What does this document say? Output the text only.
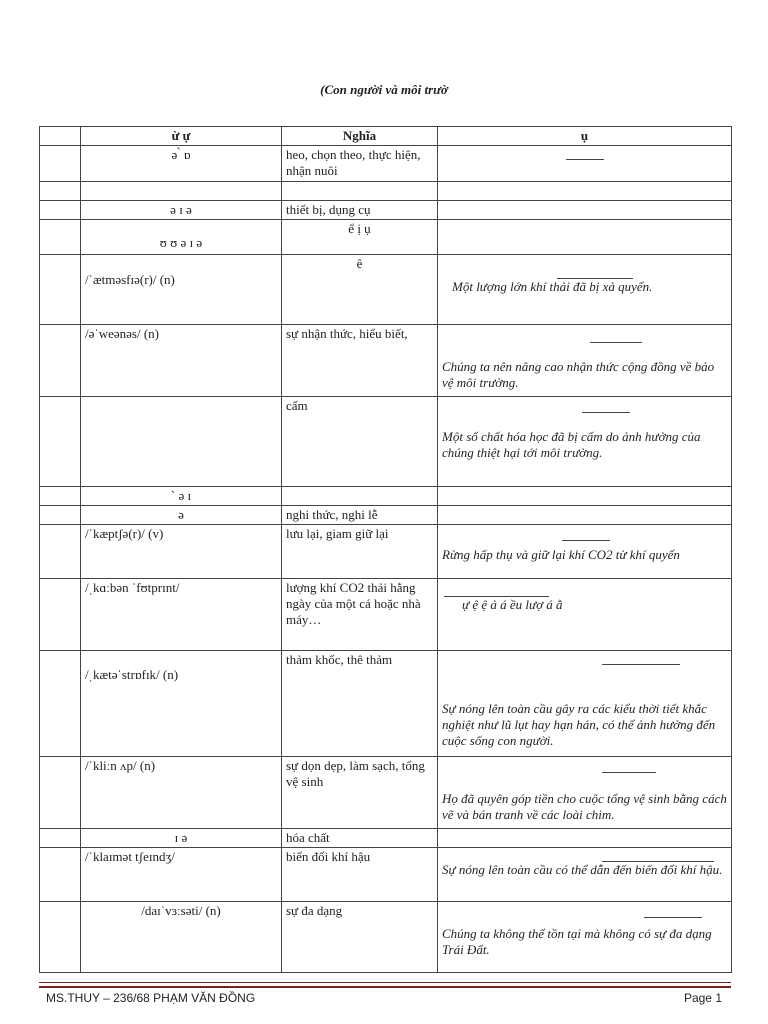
(Con người và môi trườ
	ừ ự	Nghĩa	ụ
	ə ̀ ɒ	heo, chọn theo, thực hiện, nhận nuôi	

	ə ɪ ə	thiết bị, dụng cụ	

	ʊ ʊ ə ɪ ə	ể ị ụ	
	/ˈætməsfɪə(r)/ (n)	ê	Một lượng lớn khí thải đã bị xả quyển.

	/əˈweənəs/ (n)	sự nhận thức, hiểu biết,	Chúng ta nên nâng cao nhận thức cộng đồng về bảo vệ môi trường.
		cấm	Một số chất hóa học đã bị cấm do ảnh hưởng của chúng thiệt hại tới môi trường.
	ˋ ə ɪ		
	ə	nghi thức, nghi lễ	
	/ˈkæptʃə(r)/ (v)	lưu lại, giam giữ lại	Rừng hấp thụ và giữ lại khí CO2 từ khí quyển
	/ˌkɑːbən ˈfʊtprɪnt/	lượng khí CO2 thải hằng ngày của một cá hoặc nhà máy…	ự ệ ệ ả á ều lượ á ằ

	/ˌkætəˈstrɒfɪk/ (n)	thảm khốc, thê thảm	Sự nóng lên toàn cầu gây ra các kiểu thời tiết khắc nghiệt như lũ lụt hay hạn hán, có thể ảnh hưởng đến cuộc sống con người.
	/ˈkliːn ʌp/ (n)	sự dọn dẹp, làm sạch, tổng vệ sinh	Họ đã quyên góp tiền cho cuộc tổng vệ sinh bằng cách vẽ và bán tranh về các loài chim.
	ɪ ə	hóa chất	
	/ˈklaɪmət tʃeɪndʒ/	biến đổi khí hậu	Sự nóng lên toàn cầu có thể dẫn đến biến đổi khí hậu.
	/daɪˈvɜːsəti/ (n)	sự đa dạng	Chúng ta không thể tồn tại mà không có sự đa dạng Trái Đất.
MS.THUY – 236/68 PHẠM VĂN ĐỒNG	Page 1
